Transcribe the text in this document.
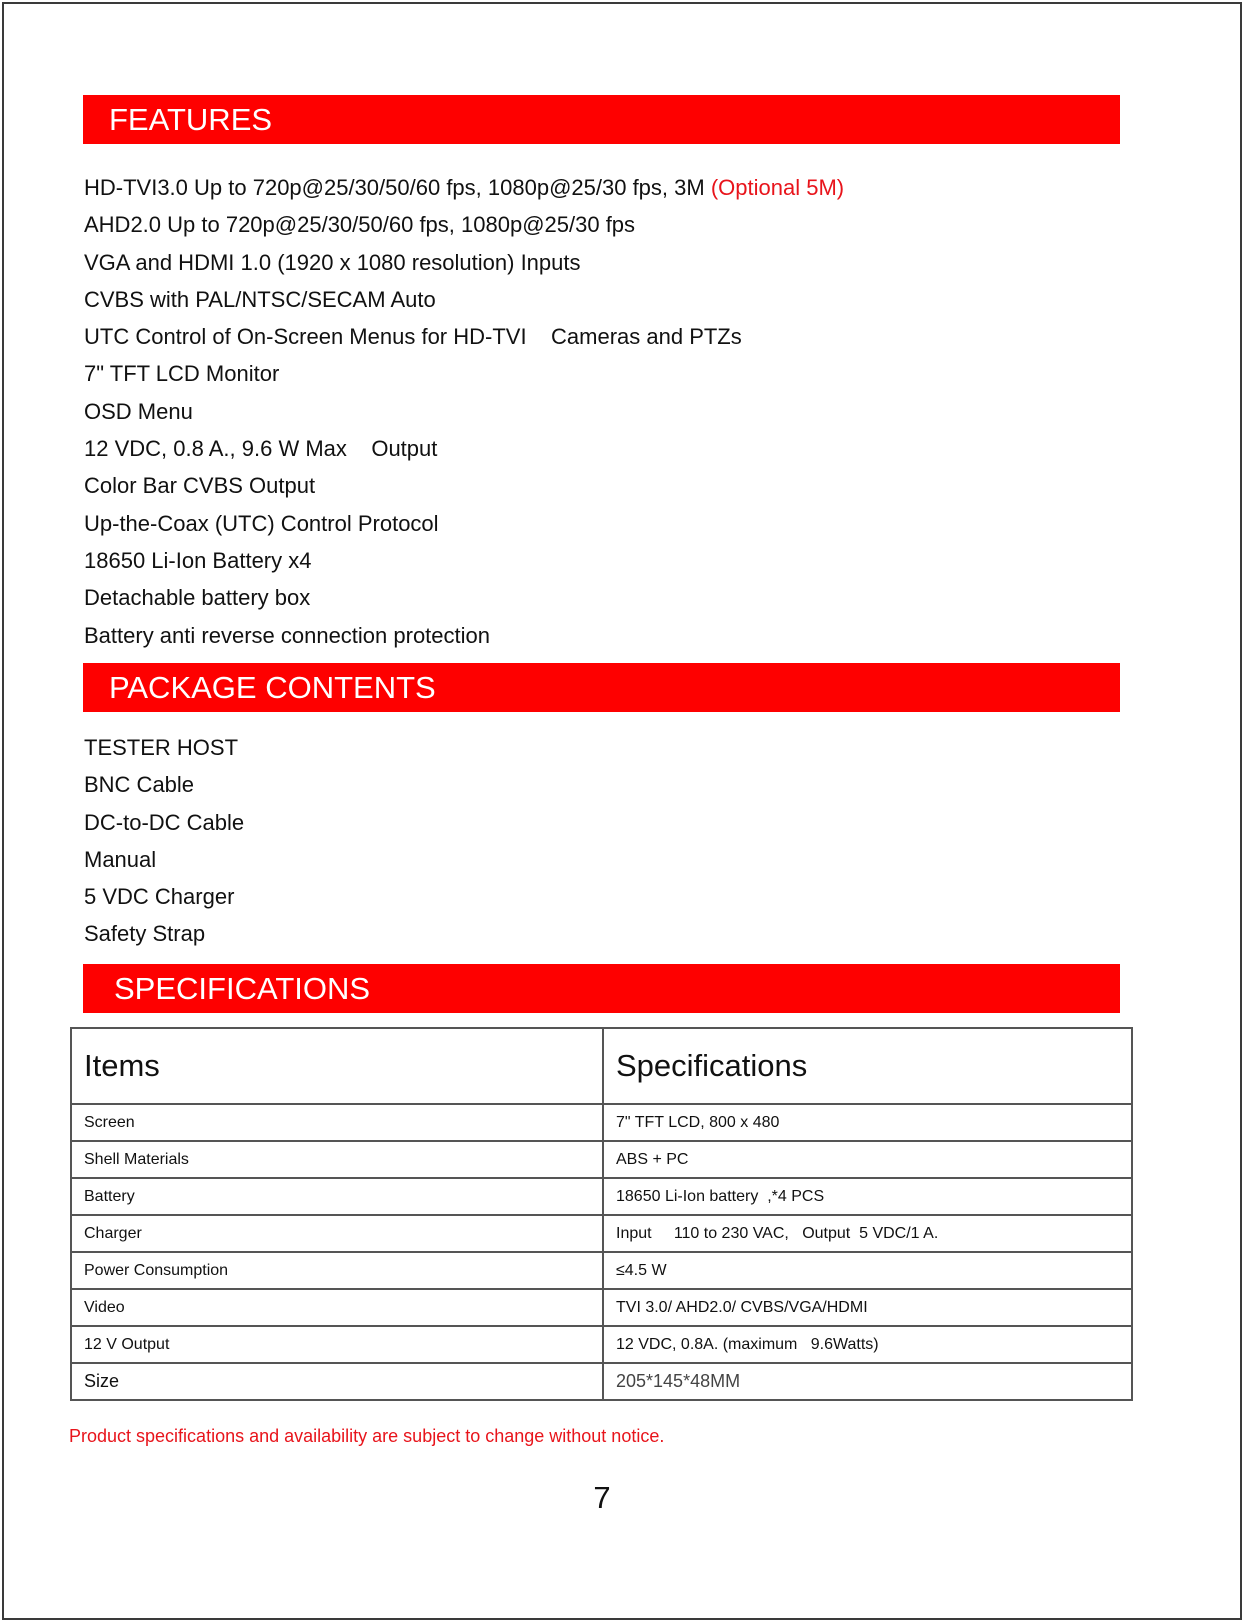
FEATURES
HD-TVI3.0 Up to 720p@25/30/50/60 fps, 1080p@25/30 fps, 3M (Optional 5M)
AHD2.0 Up to 720p@25/30/50/60 fps, 1080p@25/30 fps
VGA and HDMI 1.0 (1920 x 1080 resolution) Inputs
CVBS with PAL/NTSC/SECAM Auto
UTC Control of On-Screen Menus for HD-TVI    Cameras and PTZs
7" TFT LCD Monitor
OSD Menu
12 VDC, 0.8 A., 9.6 W Max    Output
Color Bar CVBS Output
Up-the-Coax (UTC) Control Protocol
18650 Li-Ion Battery x4
Detachable battery box
Battery anti reverse connection protection
PACKAGE CONTENTS
TESTER HOST
BNC Cable
DC-to-DC Cable
Manual
5 VDC Charger
Safety Strap
SPECIFICATIONS
Items	Specifications
Screen	7" TFT LCD, 800 x 480
Shell Materials	ABS + PC
Battery	18650 Li-Ion battery  ,*4 PCS
Charger	Input     110 to 230 VAC,   Output  5 VDC/1 A.
Power Consumption	≤4.5 W
Video	TVI 3.0/ AHD2.0/ CVBS/VGA/HDMI
12 V Output	12 VDC, 0.8A. (maximum   9.6Watts)
Size	205*145*48MM
Product specifications and availability are subject to change without notice.
7
